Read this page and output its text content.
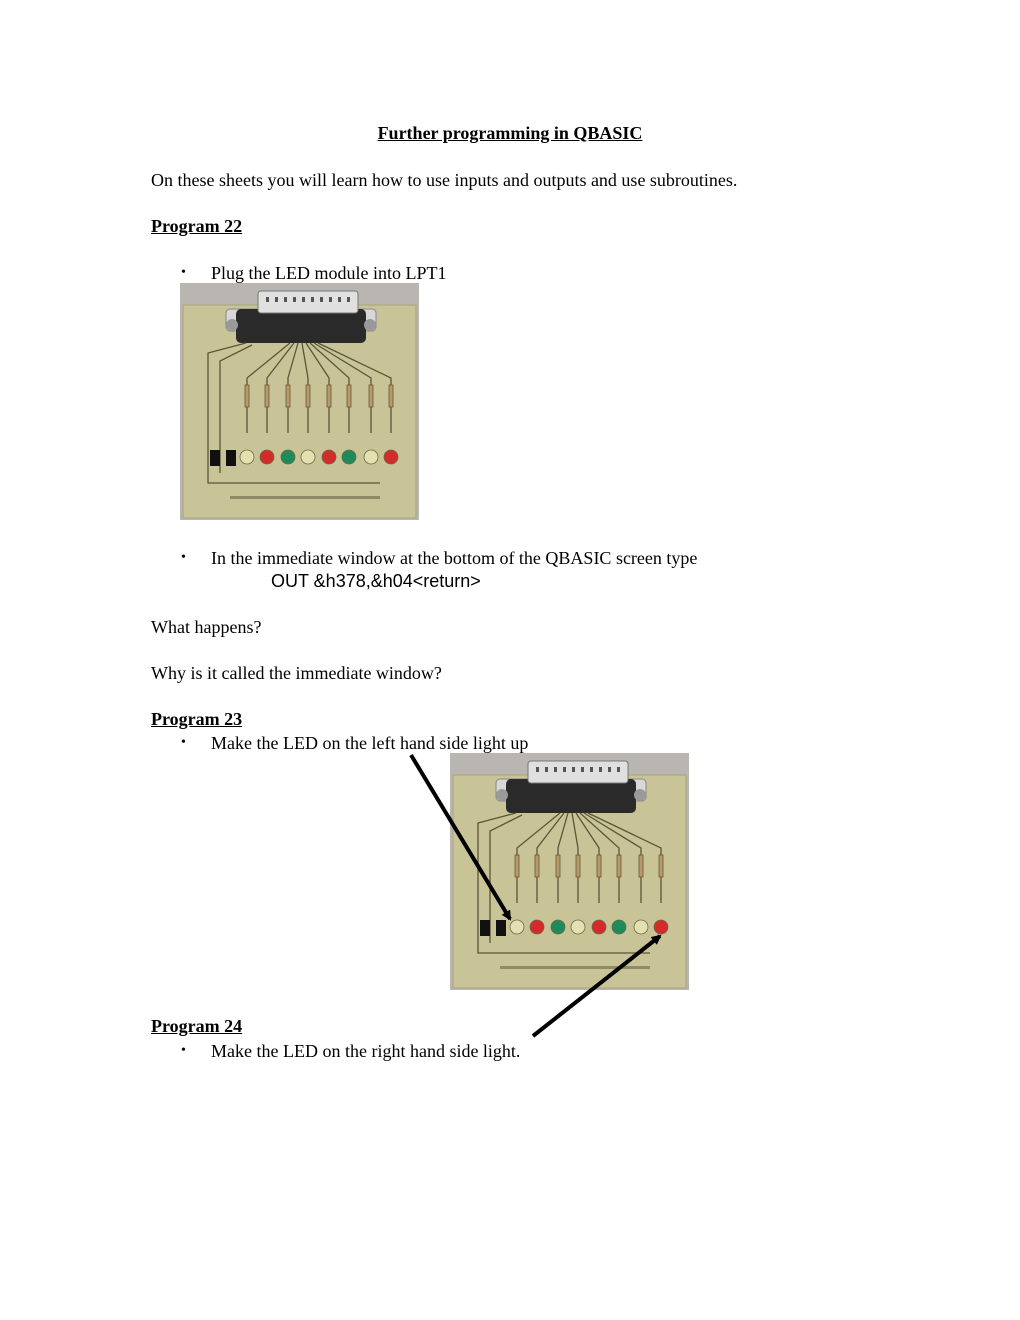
Further programming in QBASIC
On these sheets you will learn how to use inputs and outputs and use subroutines.
Program 22
• Plug the LED module into LPT1
• In the immediate window at the bottom of the QBASIC screen type
OUT &h378,&h04<return>
What happens?
Why is it called the immediate window?
Program 23
• Make the LED on the left hand side light up
Program 24
• Make the LED on the right hand side light.
